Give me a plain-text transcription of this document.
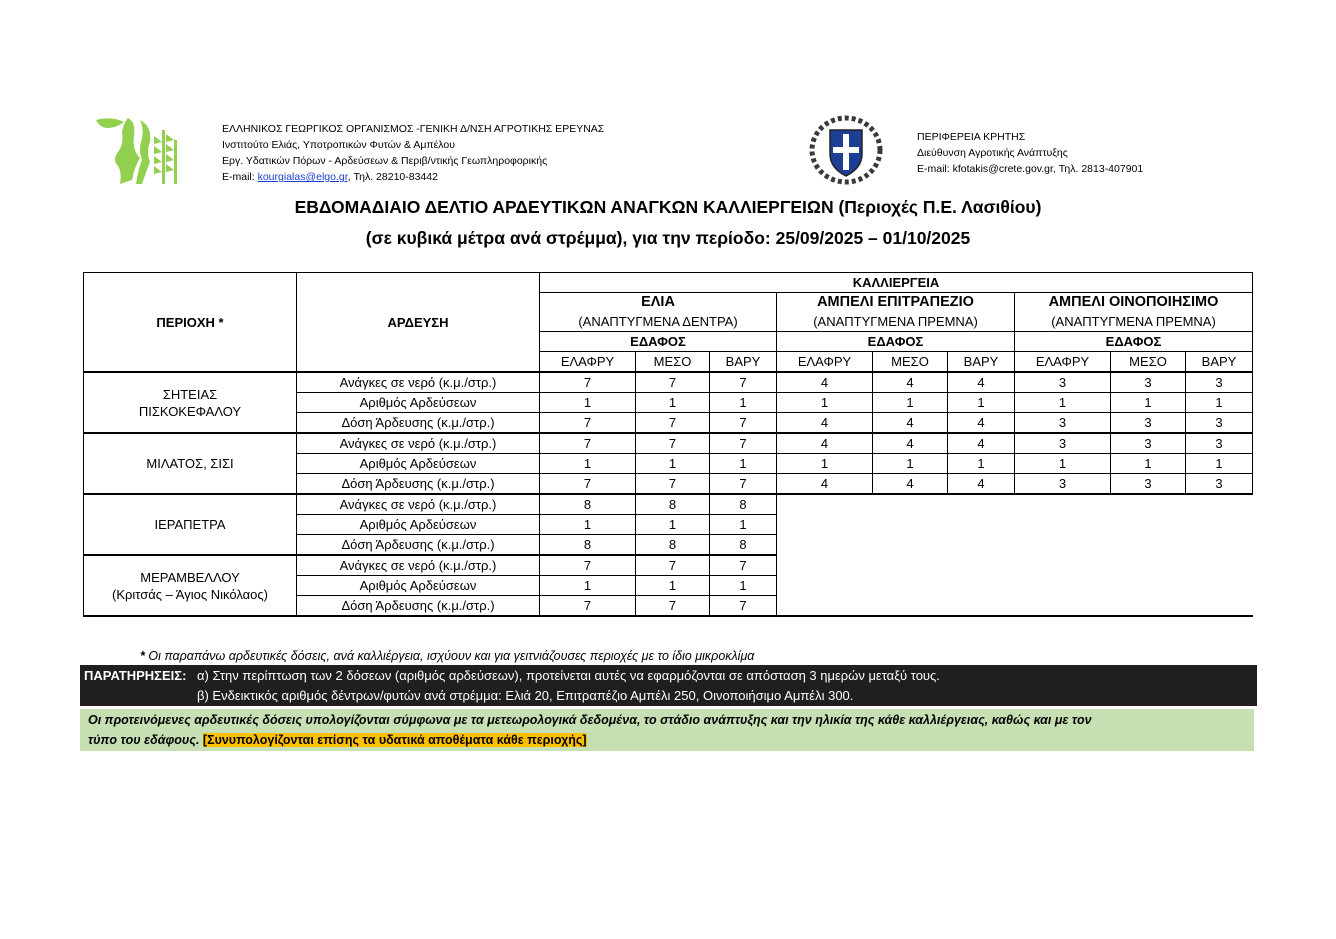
ΕΛΛΗΝΙΚΟΣ ΓΕΩΡΓΙΚΟΣ ΟΡΓΑΝΙΣΜΟΣ -ΓΕΝΙΚΗ Δ/ΝΣΗ ΑΓΡΟΤΙΚΗΣ ΕΡΕΥΝΑΣ
Ινστιτούτο Ελιάς, Υποτροπικών Φυτών & Αμπέλου
Εργ. Υδατικών Πόρων - Αρδεύσεων & Περιβ/ντικής Γεωπληροφορικής
E-mail: kourgialas@elgo.gr, Τηλ. 28210-83442
ΠΕΡΙΦΕΡΕΙΑ ΚΡΗΤΗΣ
Διεύθυνση Αγροτικής Ανάπτυξης
E-mail: kfotakis@crete.gov.gr, Τηλ. 2813-407901
ΕΒΔΟΜΑΔΙΑΙΟ ΔΕΛΤΙΟ ΑΡΔΕΥΤΙΚΩΝ ΑΝΑΓΚΩΝ ΚΑΛΛΙΕΡΓΕΙΩΝ (Περιοχές Π.Ε. Λασιθίου)
(σε κυβικά μέτρα ανά στρέμμα), για την περίοδο: 25/09/2025 – 01/10/2025
ΠΕΡΙΟΧΗ *	ΑΡΔΕΥΣΗ	ΚΑΛΛΙΕΡΓΕΙΑ								
		ΕΛΙΑ			ΑΜΠΕΛΙ ΕΠΙΤΡΑΠΕΖΙΟ			ΑΜΠΕΛΙ ΟΙΝΟΠΟΙΗΣΙΜΟ		
		(ΑΝΑΠΤΥΓΜΕΝΑ ΔΕΝΤΡΑ)			(ΑΝΑΠΤΥΓΜΕΝΑ ΠΡΕΜΝΑ)			(ΑΝΑΠΤΥΓΜΕΝΑ ΠΡΕΜΝΑ)		
		ΕΔΑΦΟΣ			ΕΔΑΦΟΣ			ΕΔΑΦΟΣ		
		ΕΛΑΦΡΥ	ΜΕΣΟ	ΒΑΡΥ	ΕΛΑΦΡΥ	ΜΕΣΟ	ΒΑΡΥ	ΕΛΑΦΡΥ	ΜΕΣΟ	ΒΑΡΥ

ΣΗΤΕΙΑΣ
ΠΙΣΚΟΚΕΦΑΛΟΥ	Ανάγκες σε νερό (κ.μ./στρ.)	7	7	7	4	4	4	3	3	3
	Αριθμός Αρδεύσεων	1	1	1	1	1	1	1	1	1
	Δόση Άρδευσης (κ.μ./στρ.)	7	7	7	4	4	4	3	3	3

ΜΙΛΑΤΟΣ, ΣΙΣΙ	Ανάγκες σε νερό (κ.μ./στρ.)	7	7	7	4	4	4	3	3	3
	Αριθμός Αρδεύσεων	1	1	1	1	1	1	1	1	1
	Δόση Άρδευσης (κ.μ./στρ.)	7	7	7	4	4	4	3	3	3

ΙΕΡΑΠΕΤΡΑ	Ανάγκες σε νερό (κ.μ./στρ.)	8	8	8						
	Αριθμός Αρδεύσεων	1	1	1						
	Δόση Άρδευσης (κ.μ./στρ.)	8	8	8						

ΜΕΡΑΜΒΕΛΛΟΥ
(Κριτσάς – Άγιος Νικόλαος)	Ανάγκες σε νερό (κ.μ./στρ.)	7	7	7						
	Αριθμός Αρδεύσεων	1	1	1						
	Δόση Άρδευσης (κ.μ./στρ.)	7	7	7						
* Οι παραπάνω αρδευτικές δόσεις, ανά καλλιέργεια, ισχύουν και για γειτνιάζουσες περιοχές με το ίδιο μικροκλίμα
ΠΑΡΑΤΗΡΗΣΕΙΣ: α) Στην περίπτωση των 2 δόσεων (αριθμός αρδεύσεων), προτείνεται αυτές να εφαρμόζονται σε απόσταση 3 ημερών μεταξύ τους.
β) Ενδεικτικός αριθμός δέντρων/φυτών ανά στρέμμα: Ελιά 20, Επιτραπέζιο Αμπέλι 250, Οινοποιήσιμο Αμπέλι 300.
Οι προτεινόμενες αρδευτικές δόσεις υπολογίζονται σύμφωνα με τα μετεωρολογικά δεδομένα, το στάδιο ανάπτυξης και την ηλικία της κάθε καλλιέργειας, καθώς και με τον
τύπο του εδάφους. [Συνυπολογίζονται επίσης τα υδατικά αποθέματα κάθε περιοχής]
